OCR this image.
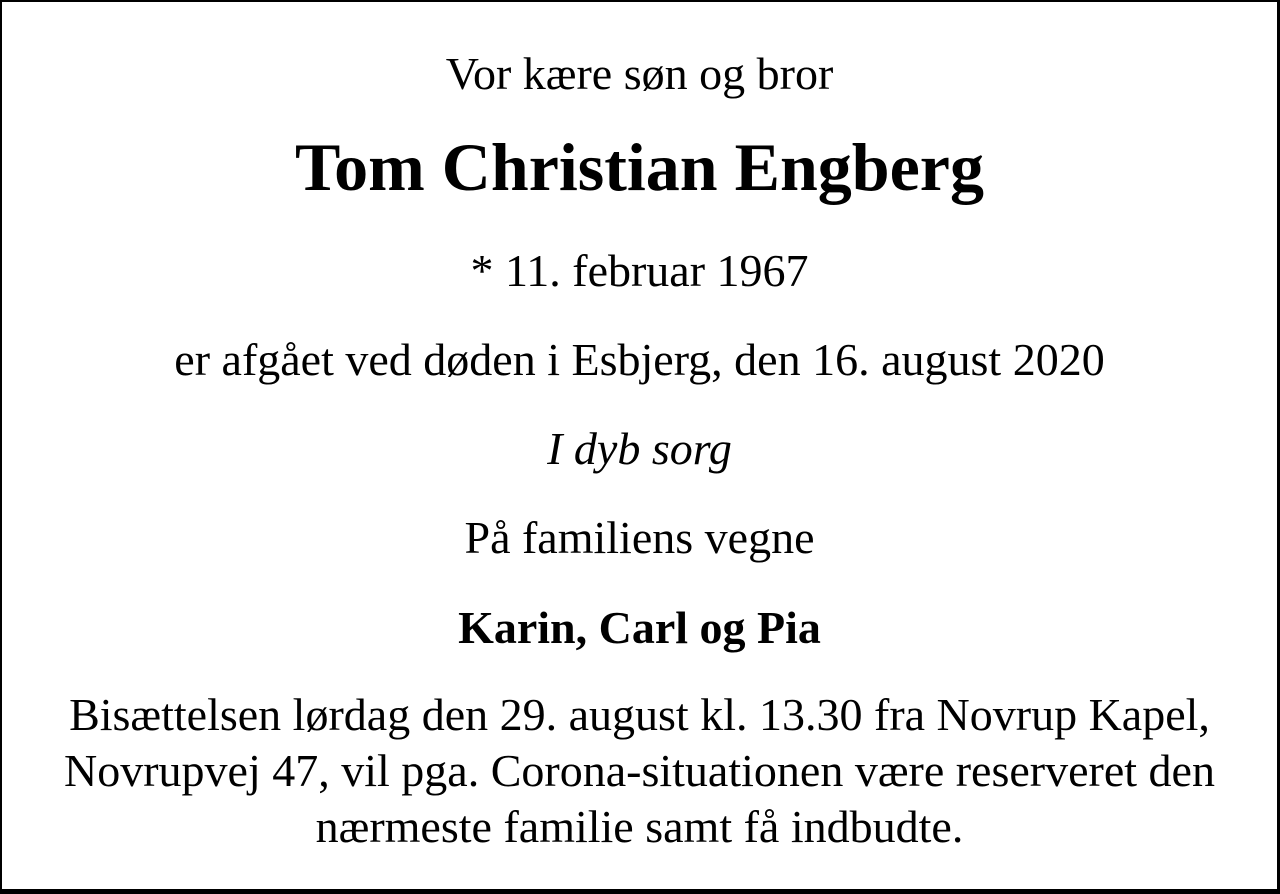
Vor kære søn og bror

Tom Christian Engberg

* 11. februar 1967

er afgået ved døden i Esbjerg, den 16. august 2020

I dyb sorg

På familiens vegne

Karin, Carl og Pia

Bisættelsen lørdag den 29. august kl. 13.30 fra Novrup Kapel, Novrupvej 47, vil pga. Corona-situationen være reserveret den nærmeste familie samt få indbudte.
